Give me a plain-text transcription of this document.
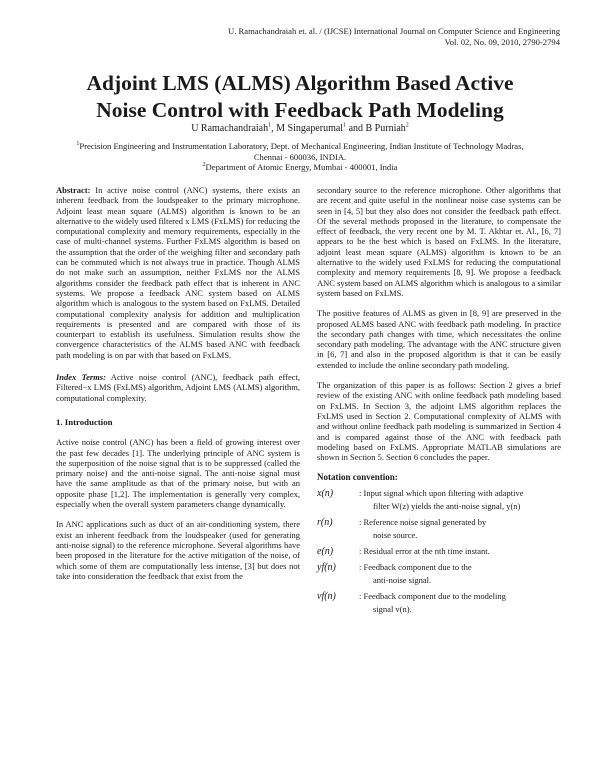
U. Ramachandraiah et. al. / (IJCSE) International Journal on Computer Science and Engineering
Vol. 02, No. 09, 2010, 2790-2794
Adjoint LMS (ALMS) Algorithm Based Active
Noise Control with Feedback Path Modeling
U Ramachandraiah$^1$, M Singaperumal$^1$ and B Purniah$^2$
$^1$Precision Engineering and Instrumentation Laboratory, Dept. of Mechanical Engineering, Indian Institute of Technology Madras, Chennai - 600036, INDIA.
$^2$Department of Atomic Energy, Mumbai - 400001, India

Abstract: In active noise control (ANC) systems, there exists an inherent feedback from the loudspeaker to the primary microphone. Adjoint least mean square (ALMS) algorithm is known to be an alternative to the widely used filtered x LMS (FxLMS) for reducing the computational complexity and memory requirements, especially in the case of multi-channel systems. Further FxLMS algorithm is based on the assumption that the order of the weighing filter and secondary path can be commuted which is not always true in practice. Though ALMS do not make such an assumption, neither FxLMS nor the ALMS algorithms consider the feedback path effect that is inherent in ANC systems. We propose a feedback ANC system based on ALMS algorithm which is analogous to the system based on FxLMS. Detailed computational complexity analysis for addition and multiplication requirements is presented and are compared with those of its counterpart to establish its usefulness. Simulation results show the convergence characteristics of the ALMS based ANC with feedback path modeling is on par with that based on FxLMS.

Index Terms: Active noise control (ANC), feedback path effect, Filtered−x LMS (FxLMS) algorithm, Adjoint LMS (ALMS) algorithm, computational complexity.

1. Introduction

Active noise control (ANC) has been a field of growing interest over the past few decades [1]. The underlying principle of ANC system is the superposition of the noise signal that is to be suppressed (called the primary noise) and the anti-noise signal. The anti-noise signal must have the same amplitude as that of the primary noise, but with an opposite phase [1,2]. The implementation is generally very complex, especially when the overall system parameters change dynamically.

In ANC applications such as duct of an air-conditioning system, there exist an inherent feedback from the loudspeaker (used for generating anti-noise signal) to the reference microphone. Several algorithms have been proposed in the literature for the active mitigation of the noise, of which some of them are computationally less intense, [3] but does not take into consideration the feedback that exist from the

secondary source to the reference microphone. Other algorithms that are recent and quite useful in the nonlinear noise case systems can be seen in [4, 5] but they also does not consider the feedback path effect. Of the several methods proposed in the literature, to compensate the effect of feedback, the very recent one by M. T. Akhtar et. Al., [6, 7] appears to be the best which is based on FxLMS. In the literature, adjoint least mean square (ALMS) algorithm is known to be an alternative to the widely used FxLMS for reducing the computational complexity and memory requirements [8, 9]. We propose a feedback ANC system based on ALMS algorithm which is analogous to a similar system based on FxLMS.

The positive features of ALMS as given in [8, 9] are preserved in the proposed ALMS based ANC with feedback path modeling. In practice the secondary path changes with time, which necessitates the online secondary path modeling. The advantage with the ANC structure given in [6, 7] and also in the proposed algorithm is that it can be easily extended to include the online secondary path modeling.

The organization of this paper is as follows: Section 2 gives a brief review of the existing ANC with online feedback path modeling based on FxLMS. In Section 3, the adjoint LMS algorithm replaces the FxLMS used in Section 2. Computational complexity of ALMS with and without online feedback path modeling is summarized in Section 4 and is compared against those of the ANC with feedback path modeling based on FxLMS. Appropriate MATLAB simulations are shown in Section 5. Section 6 concludes the paper.

Notation convention:
x(n)	: Input signal which upon filtering with adaptive
filter W(z) yields the anti-noise signal, y(n)
r(n)	: Reference noise signal generated by
noise source.
e(n)	: Residual error at the nth time instant.
yf(n)	: Feedback component due to the
anti-noise signal.
vf(n)	: Feedback component due to the modeling
signal v(n).
